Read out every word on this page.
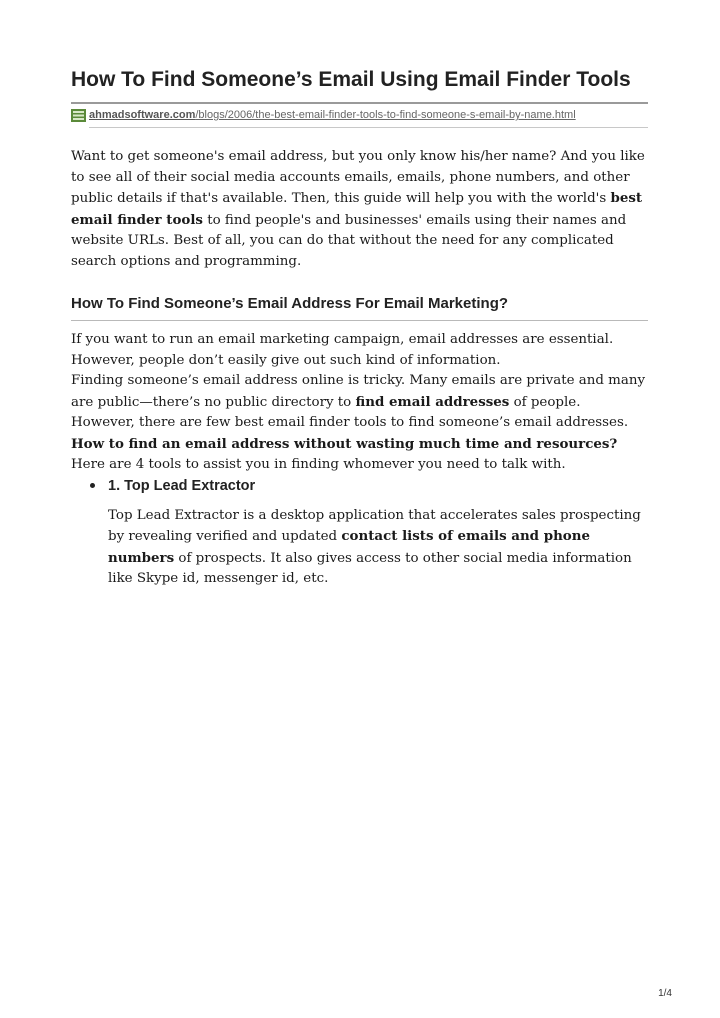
How To Find Someone’s Email Using Email Finder Tools
ahmadsoftware.com /blogs/2006/the-best-email-finder-tools-to-find-someone-s-email-by-name.html

Want to get someone's email address, but you only know his/her name? And you like to see all of their social media accounts emails, emails, phone numbers, and other public details if that's available. Then, this guide will help you with the world's best email finder tools to find people's and businesses' emails using their names and website URLs. Best of all, you can do that without the need for any complicated search options and programming.

How To Find Someone’s Email Address For Email Marketing?

If you want to run an email marketing campaign, email addresses are essential. However, people don’t easily give out such kind of information.

Finding someone’s email address online is tricky. Many emails are private and many are public—there’s no public directory to find email addresses of people. However, there are few best email finder tools to find someone’s email addresses.

How to find an email address without wasting much time and resources?

Here are 4 tools to assist you in finding whomever you need to talk with.

1. Top Lead Extractor

Top Lead Extractor is a desktop application that accelerates sales prospecting by revealing verified and updated contact lists of emails and phone numbers of prospects. It also gives access to other social media information like Skype id, messenger id, etc.

1/4
